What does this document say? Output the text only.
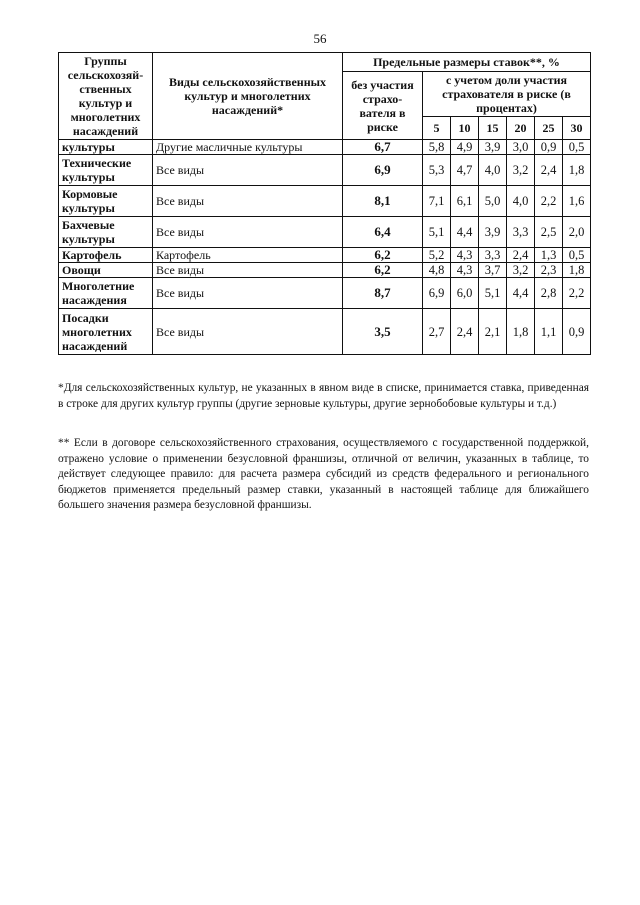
56
Группы сельскохозяй-ственных культур и многолетних насаждений	Виды сельскохозяйственных культур и многолетних насаждений*	Предельные размеры ставок**, %						
		без участия страхо-вателя в риске	с учетом доли участия страхователя в риске (в процентах)					
			5	10	15	20	25	30
культуры	Другие масличные культуры	6,7	5,8	4,9	3,9	3,0	0,9	0,5
Технические культуры	Все виды	6,9	5,3	4,7	4,0	3,2	2,4	1,8
Кормовые культуры	Все виды	8,1	7,1	6,1	5,0	4,0	2,2	1,6
Бахчевые культуры	Все виды	6,4	5,1	4,4	3,9	3,3	2,5	2,0
Картофель	Картофель	6,2	5,2	4,3	3,3	2,4	1,3	0,5
Овощи	Все виды	6,2	4,8	4,3	3,7	3,2	2,3	1,8
Многолетние насаждения	Все виды	8,7	6,9	6,0	5,1	4,4	2,8	2,2
Посадки многолетних насаждений	Все виды	3,5	2,7	2,4	2,1	1,8	1,1	0,9
*Для сельскохозяйственных культур, не указанных в явном виде в списке, принимается ставка, приведенная в строке для других культур группы (другие зерновые культуры, другие зернобобовые культуры и т.д.)
** Если в договоре сельскохозяйственного страхования, осуществляемого с государственной поддержкой, отражено условие о применении безусловной франшизы, отличной от величин, указанных в таблице, то действует следующее правило: для расчета размера субсидий из средств федерального и регионального бюджетов применяется предельный размер ставки, указанный в настоящей таблице для ближайшего большего значения размера безусловной франшизы.
